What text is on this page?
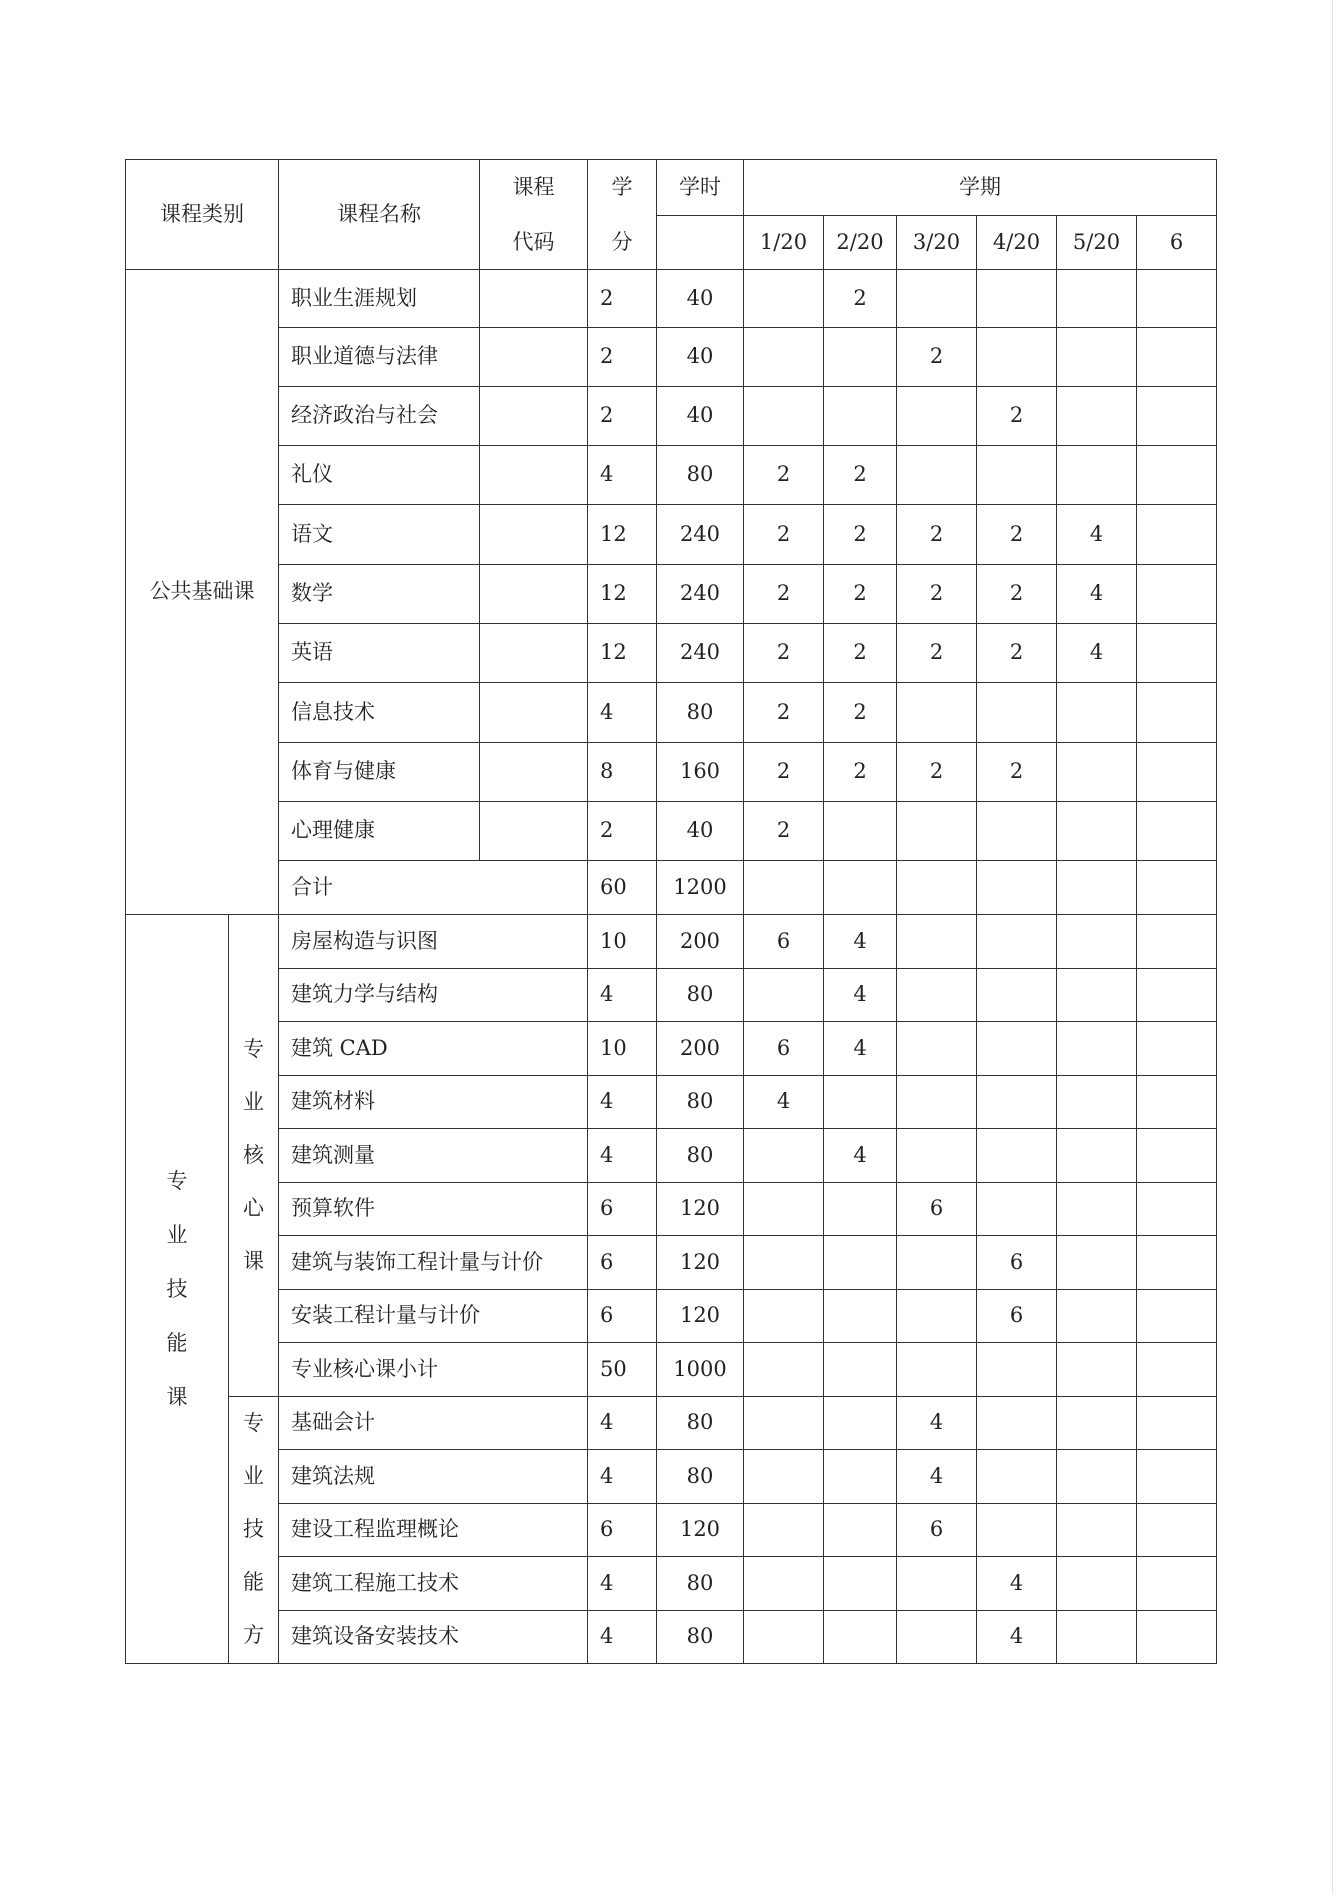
课程类别		课程名称	课程	学	学时	学期					
			代码	分		1/20	2/20	3/20	4/20	5/20	6
公共基础课		职业生涯规划		2	40		2				
		职业道德与法律		2	40			2			
		经济政治与社会		2	40				2		
		礼仪		4	80	2	2				
		语文		12	240	2	2	2	2	4	
		数学		12	240	2	2	2	2	4	
		英语		12	240	2	2	2	2	4	
		信息技术		4	80	2	2				
		体育与健康		8	160	2	2	2	2		
		心理健康		2	40	2					
		合计		60	1200						

专业技能课	专业核心课	房屋构造与识图		10	200	6	4				
		建筑力学与结构		4	80		4				
		建筑 CAD		10	200	6	4				
		建筑材料		4	80	4					
		建筑测量		4	80		4				
		预算软件		6	120			6			
		建筑与装饰工程计量与计价		6	120				6		
		安装工程计量与计价		6	120				6		
		专业核心课小计		50	1000						

	专业技能方	基础会计		4	80			4			
		建筑法规		4	80			4			
		建设工程监理概论		6	120			6			
		建筑工程施工技术		4	80				4		
		建筑设备安装技术		4	80				4		
